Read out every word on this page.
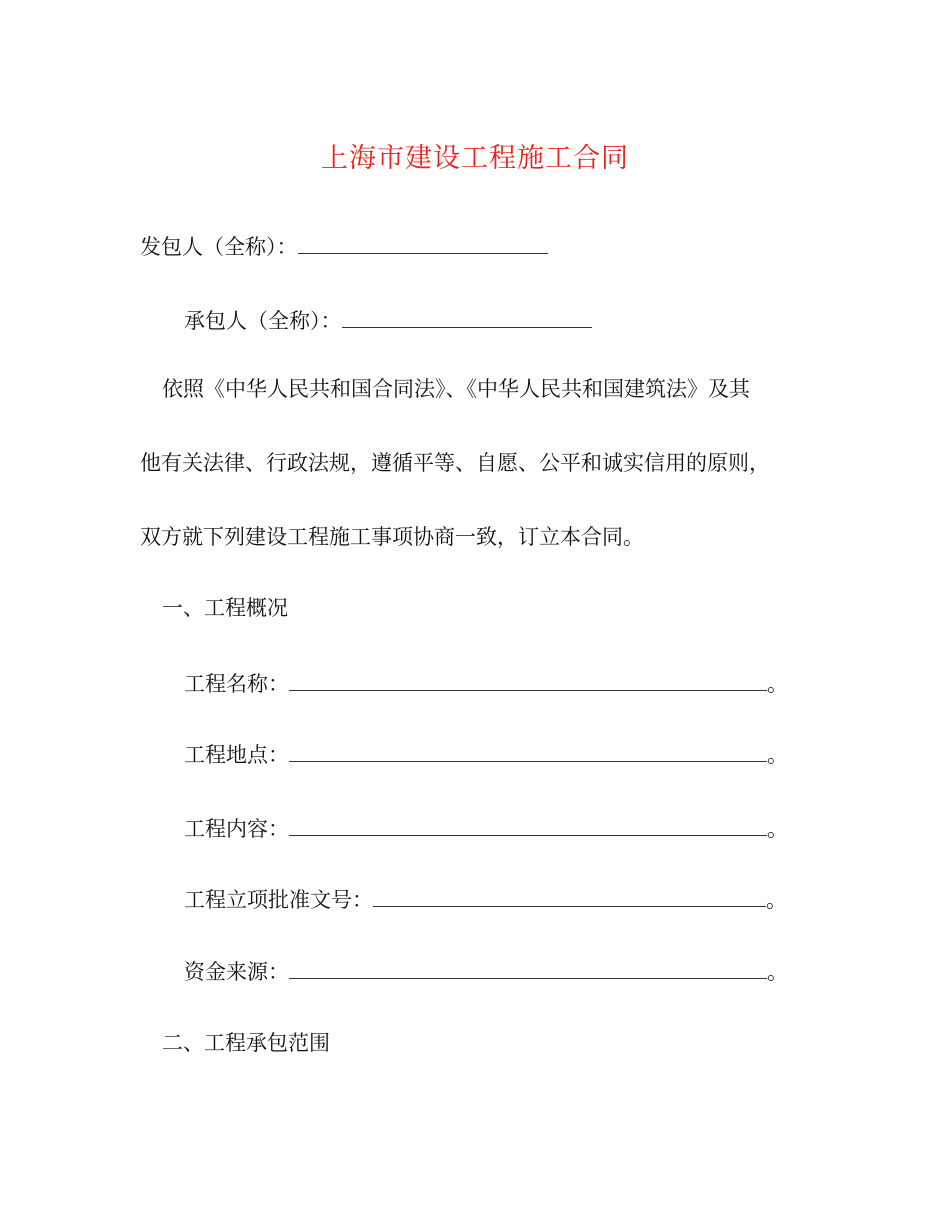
上海市建设工程施工合同
发包人（全称）：
承包人（全称）：
依照《中华人民共和国合同法》、《中华人民共和国建筑法》及其
他有关法律、行政法规，遵循平等、自愿、公平和诚实信用的原则，
双方就下列建设工程施工事项协商一致，订立本合同。
一、工程概况
工程名称：	。
工程地点：	。
工程内容：	。
工程立项批准文号：	。
资金来源：	。
二、工程承包范围
